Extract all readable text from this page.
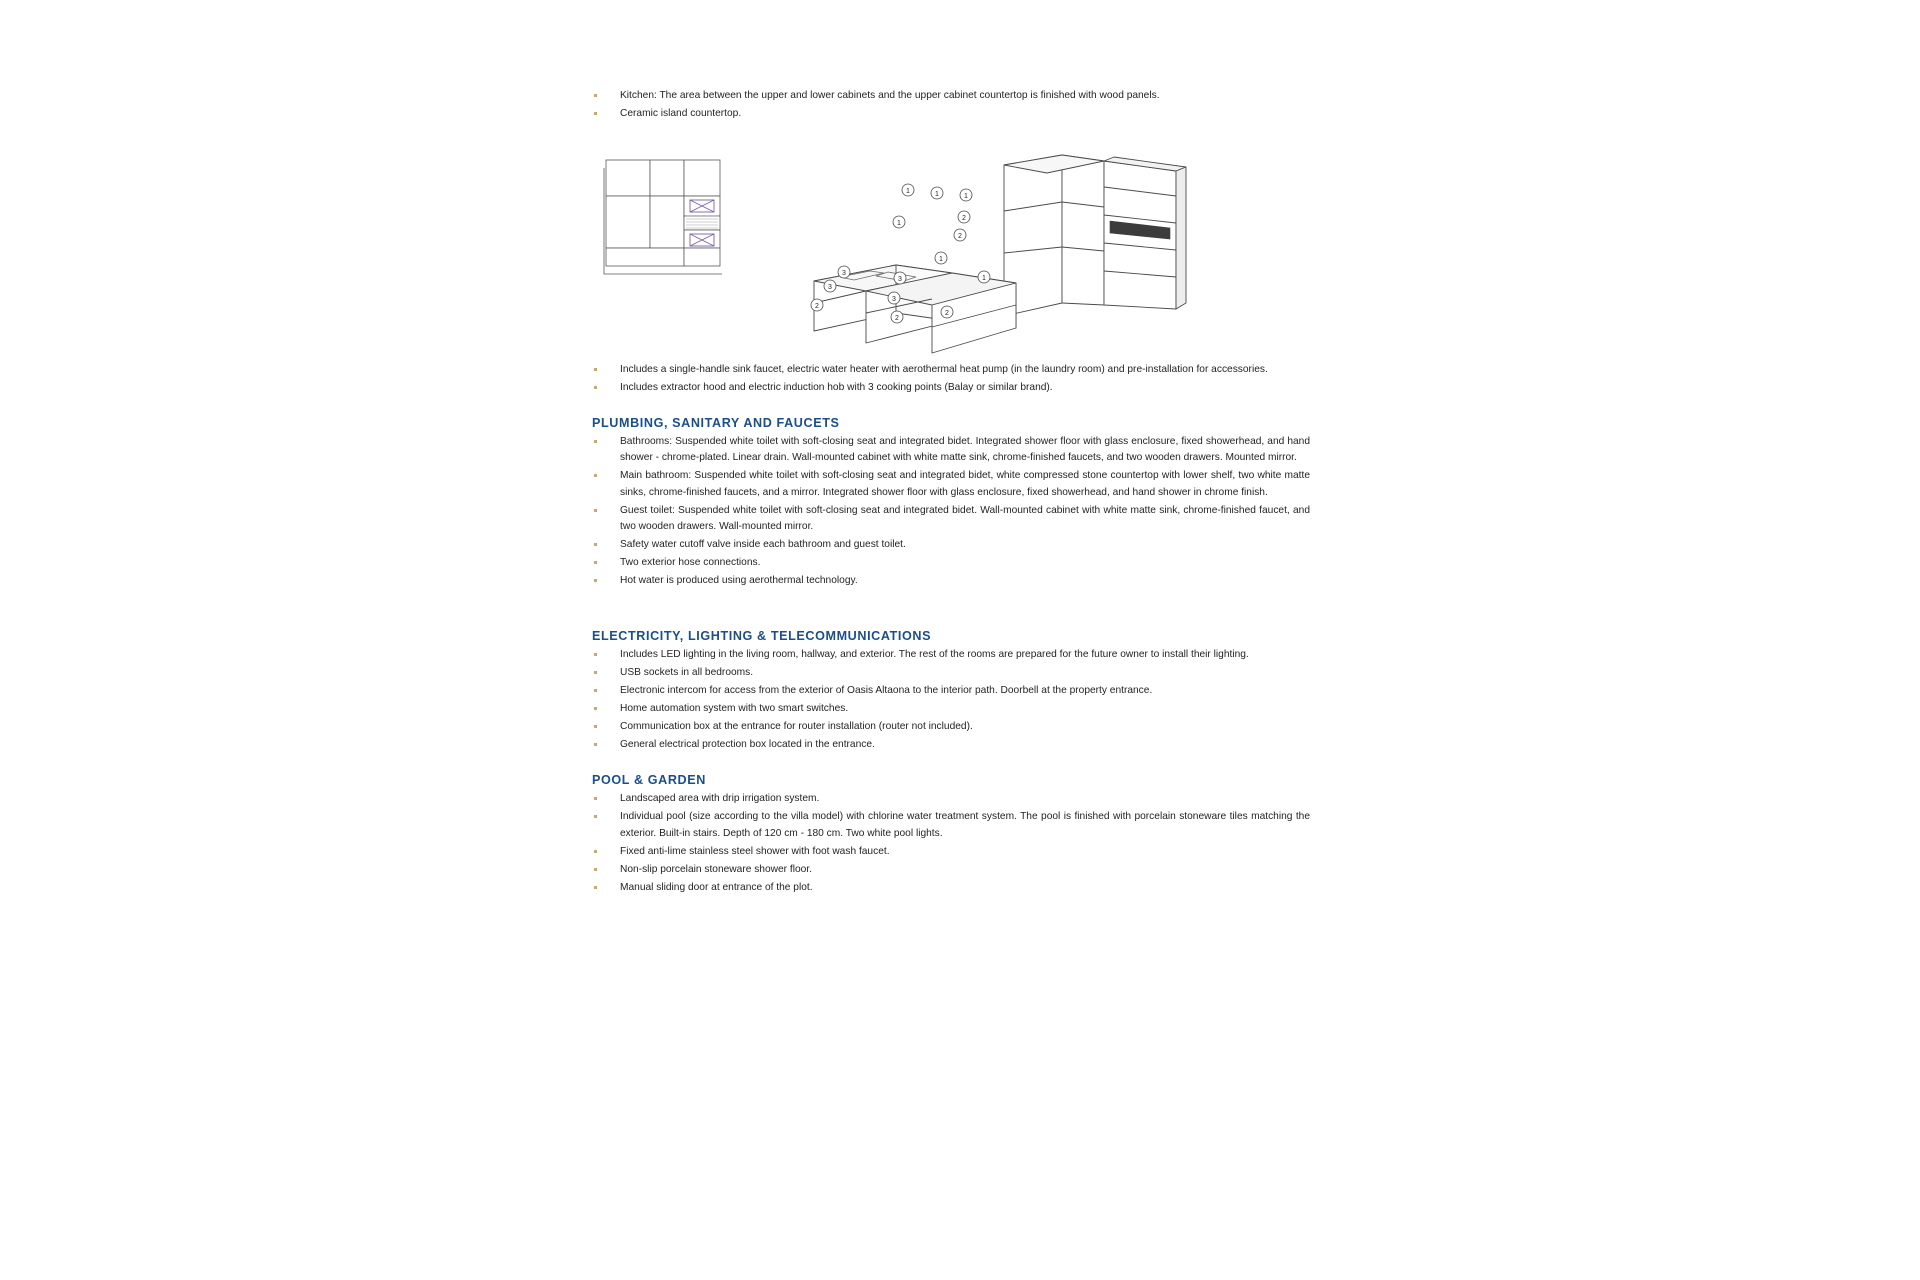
Kitchen: The area between the upper and lower cabinets and the upper cabinet countertop is finished with wood panels.
Ceramic island countertop.
1	1	1
2
2
1
1
1
3
3
3
3
2
2
2
Includes a single-handle sink faucet, electric water heater with aerothermal heat pump (in the laundry room) and pre-installation for accessories.
Includes extractor hood and electric induction hob with 3 cooking points (Balay or similar brand).
PLUMBING, SANITARY AND FAUCETS
Bathrooms: Suspended white toilet with soft-closing seat and integrated bidet. Integrated shower floor with glass enclosure, fixed showerhead, and hand shower - chrome-plated. Linear drain. Wall-mounted cabinet with white matte sink, chrome-finished faucets, and two wooden drawers. Mounted mirror.
Main bathroom: Suspended white toilet with soft-closing seat and integrated bidet, white compressed stone countertop with lower shelf, two white matte sinks, chrome-finished faucets, and a mirror. Integrated shower floor with glass enclosure, fixed showerhead, and hand shower in chrome finish.
Guest toilet: Suspended white toilet with soft-closing seat and integrated bidet. Wall-mounted cabinet with white matte sink, chrome-finished faucet, and two wooden drawers. Wall-mounted mirror.
Safety water cutoff valve inside each bathroom and guest toilet.
Two exterior hose connections.
Hot water is produced using aerothermal technology.
ELECTRICITY, LIGHTING & TELECOMMUNICATIONS
Includes LED lighting in the living room, hallway, and exterior. The rest of the rooms are prepared for the future owner to install their lighting.
USB sockets in all bedrooms.
Electronic intercom for access from the exterior of Oasis Altaona to the interior path. Doorbell at the property entrance.
Home automation system with two smart switches.
Communication box at the entrance for router installation (router not included).
General electrical protection box located in the entrance.
POOL & GARDEN
Landscaped area with drip irrigation system.
Individual pool (size according to the villa model) with chlorine water treatment system. The pool is finished with porcelain stoneware tiles matching the exterior. Built-in stairs. Depth of 120 cm - 180 cm. Two white pool lights.
Fixed anti-lime stainless steel shower with foot wash faucet.
Non-slip porcelain stoneware shower floor.
Manual sliding door at entrance of the plot.
